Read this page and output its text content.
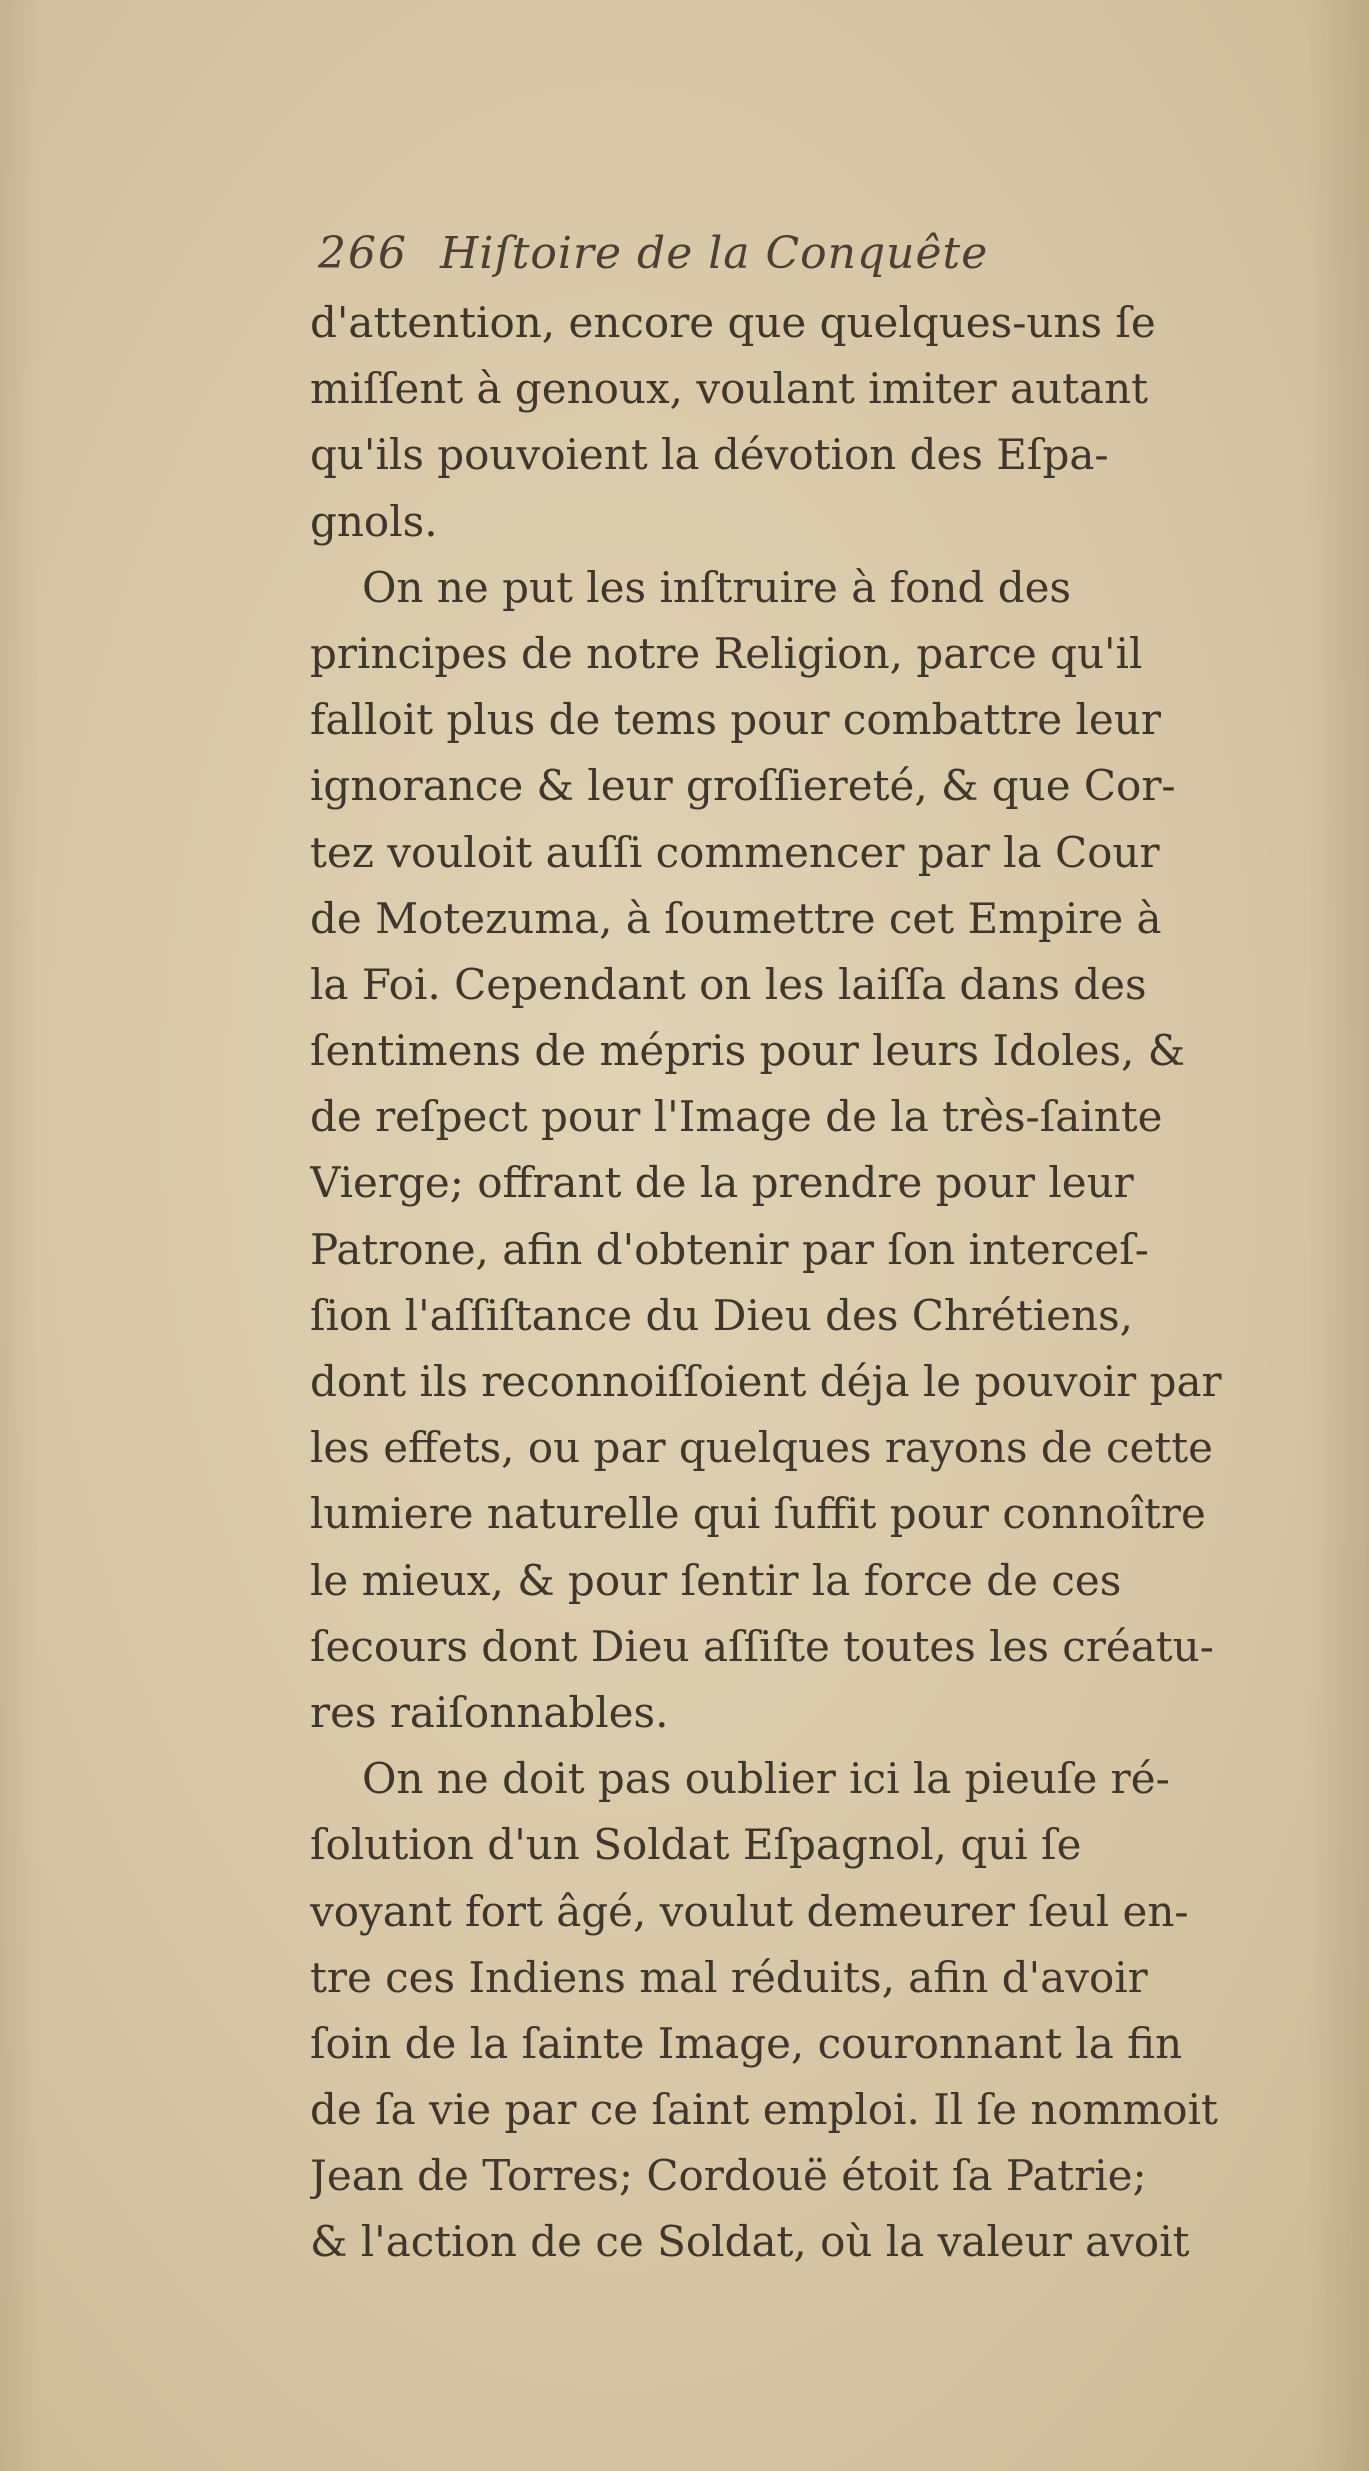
266 Hiſtoire de la Conquête
d'attention, encore que quelques-uns ſe
miſſent à genoux, voulant imiter autant
qu'ils pouvoient la dévotion des Eſpa-
gnols.
On ne put les inſtruire à fond des
principes de notre Religion, parce qu'il
falloit plus de tems pour combattre leur
ignorance & leur groſſiereté, & que Cor-
tez vouloit auſſi commencer par la Cour
de Motezuma, à ſoumettre cet Empire à
la Foi. Cependant on les laiſſa dans des
ſentimens de mépris pour leurs Idoles, &
de reſpect pour l'Image de la très-ſainte
Vierge; offrant de la prendre pour leur
Patrone, afin d'obtenir par ſon interceſ-
ſion l'aſſiſtance du Dieu des Chrétiens,
dont ils reconnoiſſoient déja le pouvoir par
les effets, ou par quelques rayons de cette
lumiere naturelle qui ſuffit pour connoître
le mieux, & pour ſentir la force de ces
ſecours dont Dieu aſſiſte toutes les créatu-
res raiſonnables.
On ne doit pas oublier ici la pieuſe ré-
ſolution d'un Soldat Eſpagnol, qui ſe
voyant fort âgé, voulut demeurer ſeul en-
tre ces Indiens mal réduits, afin d'avoir
ſoin de la ſainte Image, couronnant la fin
de ſa vie par ce ſaint emploi. Il ſe nommoit
Jean de Torres; Cordouë étoit ſa Patrie;
& l'action de ce Soldat, où la valeur avoit
